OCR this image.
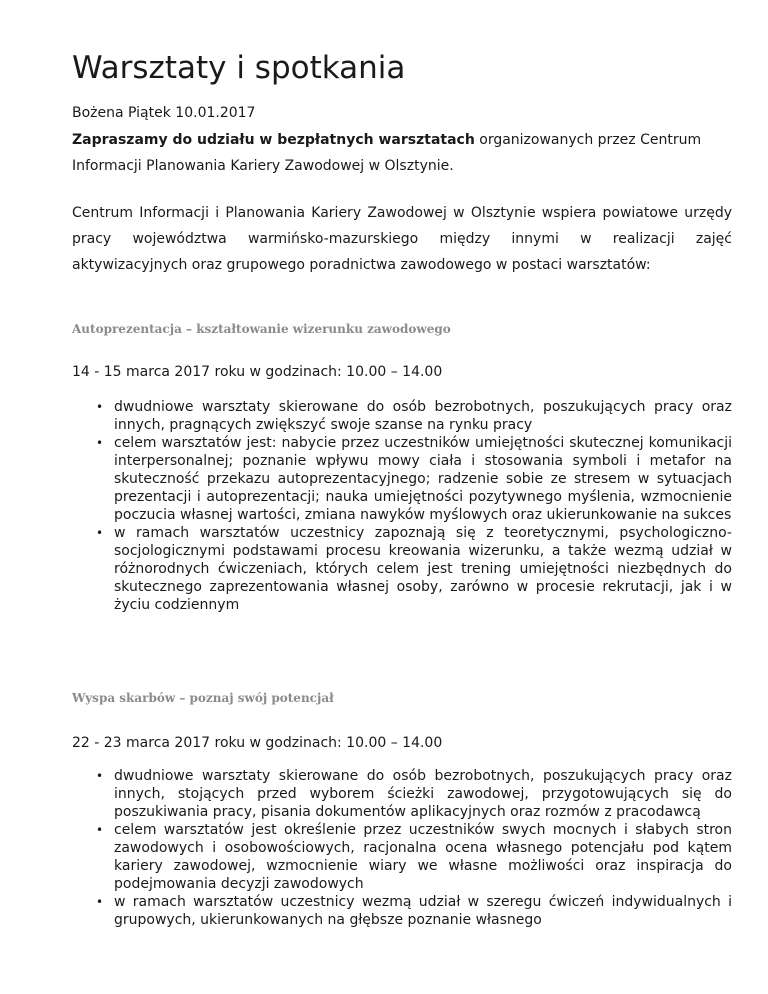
Warsztaty i spotkania
Bożena Piątek 10.01.2017

Zapraszamy do udziału w bezpłatnych warsztatach organizowanych przez Centrum Informacji Planowania Kariery Zawodowej w Olsztynie.

Centrum Informacji i Planowania Kariery Zawodowej w Olsztynie wspiera powiatowe urzędy pracy województwa warmińsko-mazurskiego między innymi w realizacji zajęć aktywizacyjnych oraz grupowego poradnictwa zawodowego w postaci warsztatów:

Autoprezentacja – kształtowanie wizerunku zawodowego
14 - 15 marca 2017 roku w godzinach: 10.00 – 14.00
• dwudniowe warsztaty skierowane do osób bezrobotnych, poszukujących pracy oraz innych, pragnących zwiększyć swoje szanse na rynku pracy
• celem warsztatów jest: nabycie przez uczestników umiejętności skutecznej komunikacji interpersonalnej; poznanie wpływu mowy ciała i stosowania symboli i metafor na skuteczność przekazu autoprezentacyjnego; radzenie sobie ze stresem w sytuacjach prezentacji i autoprezentacji; nauka umiejętności pozytywnego myślenia, wzmocnienie poczucia własnej wartości, zmiana nawyków myślowych oraz ukierunkowanie na sukces
• w ramach warsztatów uczestnicy zapoznają się z teoretycznymi, psychologiczno-socjologicznymi podstawami procesu kreowania wizerunku, a także wezmą udział w różnorodnych ćwiczeniach, których celem jest trening umiejętności niezbędnych do skutecznego zaprezentowania własnej osoby, zarówno w procesie rekrutacji, jak i w życiu codziennym
Wyspa skarbów – poznaj swój potencjał
22 - 23 marca 2017 roku w godzinach: 10.00 – 14.00
• dwudniowe warsztaty skierowane do osób bezrobotnych, poszukujących pracy oraz innych, stojących przed wyborem ścieżki zawodowej, przygotowujących się do poszukiwania pracy, pisania dokumentów aplikacyjnych oraz rozmów z pracodawcą
• celem warsztatów jest określenie przez uczestników swych mocnych i słabych stron zawodowych i osobowościowych, racjonalna ocena własnego potencjału pod kątem kariery zawodowej, wzmocnienie wiary we własne możliwości oraz inspiracja do podejmowania decyzji zawodowych
• w ramach warsztatów uczestnicy wezmą udział w szeregu ćwiczeń indywidualnych i grupowych, ukierunkowanych na głębsze poznanie własnego
